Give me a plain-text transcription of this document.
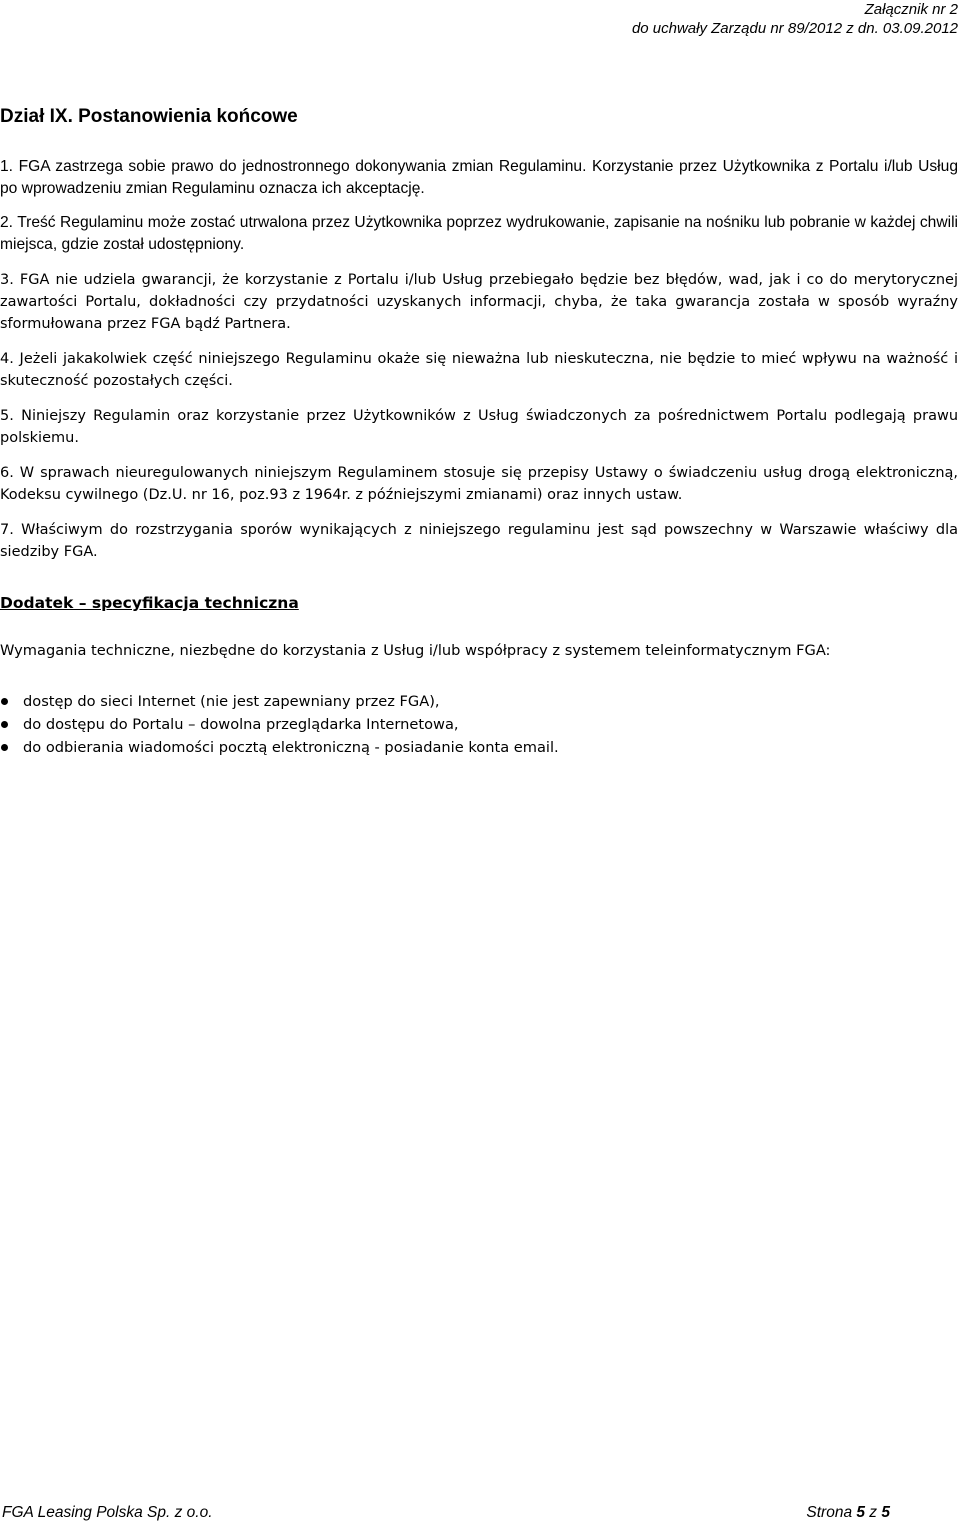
Załącznik nr 2
do uchwały Zarządu nr 89/2012 z dn. 03.09.2012
Dział IX. Postanowienia końcowe

1. FGA zastrzega sobie prawo do jednostronnego dokonywania zmian Regulaminu. Korzystanie przez Użytkownika z Portalu i/lub Usług po wprowadzeniu zmian Regulaminu oznacza ich akceptację.

2. Treść Regulaminu może zostać utrwalona przez Użytkownika poprzez wydrukowanie, zapisanie na nośniku lub pobranie w każdej chwili miejsca, gdzie został udostępniony.

3. FGA nie udziela gwarancji, że korzystanie z Portalu i/lub Usług przebiegało będzie bez błędów, wad, jak i co do merytorycznej zawartości Portalu, dokładności czy przydatności uzyskanych informacji, chyba, że taka gwarancja została w sposób wyraźny sformułowana przez FGA bądź Partnera.

4. Jeżeli jakakolwiek część niniejszego Regulaminu okaże się nieważna lub nieskuteczna, nie będzie to mieć wpływu na ważność i skuteczność pozostałych części.

5. Niniejszy Regulamin oraz korzystanie przez Użytkowników z Usług świadczonych za pośrednictwem Portalu podlegają prawu polskiemu.

6. W sprawach nieuregulowanych niniejszym Regulaminem stosuje się przepisy Ustawy o świadczeniu usług drogą elektroniczną, Kodeksu cywilnego (Dz.U. nr 16, poz.93 z 1964r. z późniejszymi zmianami) oraz innych ustaw.

7. Właściwym do rozstrzygania sporów wynikających z niniejszego regulaminu jest sąd powszechny w Warszawie właściwy dla siedziby FGA.

Dodatek – specyfikacja techniczna

Wymagania techniczne, niezbędne do korzystania z Usług i/lub współpracy z systemem teleinformatycznym FGA:

dostęp do sieci Internet (nie jest zapewniany przez FGA),
do dostępu do Portalu – dowolna przeglądarka Internetowa,
do odbierania wiadomości pocztą elektroniczną - posiadanie konta email.
FGA Leasing Polska Sp. z o.o.	Strona 5 z 5
